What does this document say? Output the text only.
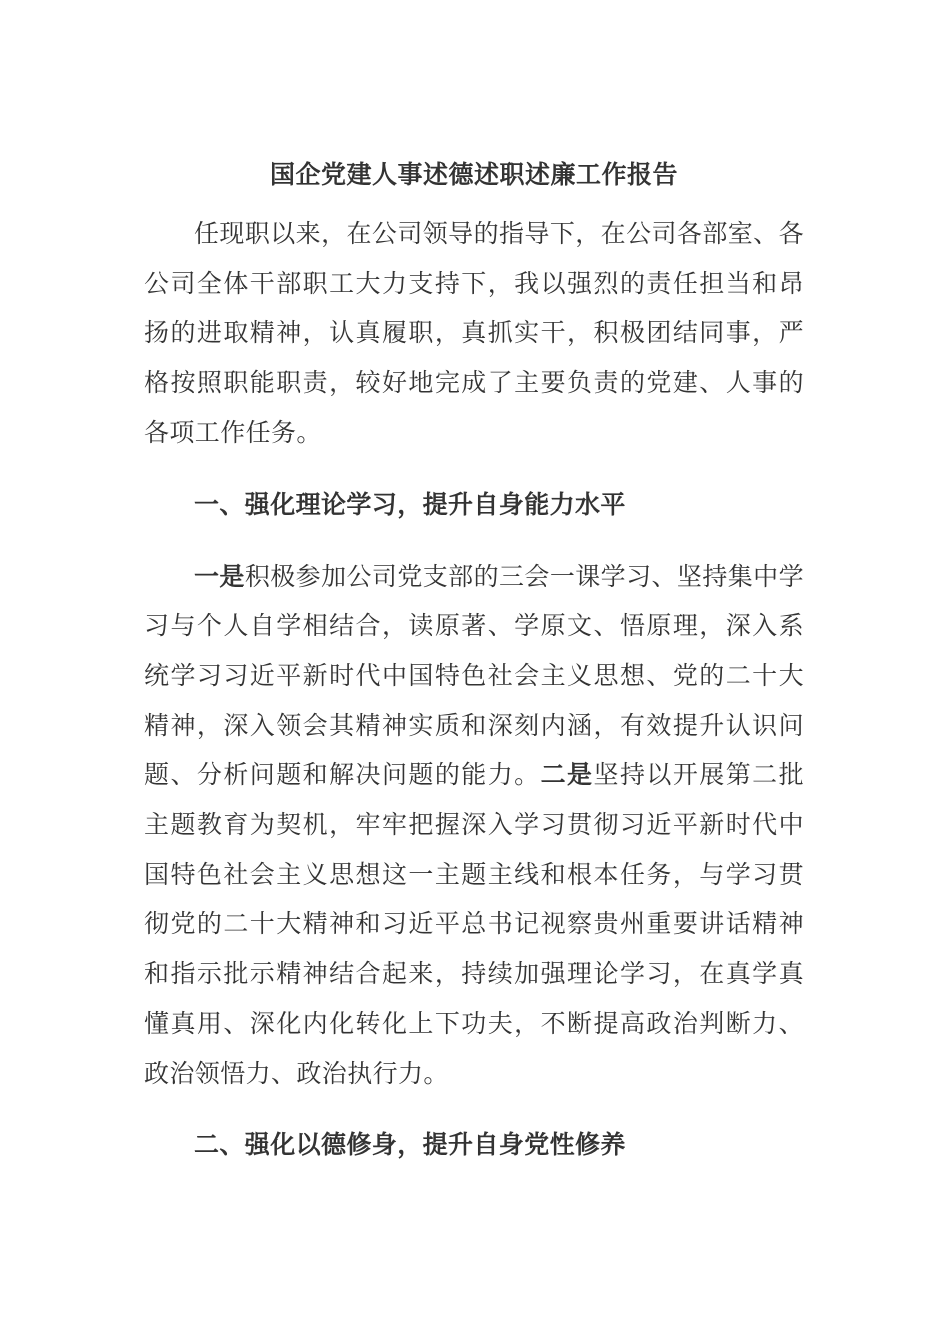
国企党建人事述德述职述廉工作报告

任现职以来，在公司领导的指导下，在公司各部室、各公司全体干部职工大力支持下，我以强烈的责任担当和昂扬的进取精神，认真履职，真抓实干，积极团结同事，严格按照职能职责，较好地完成了主要负责的党建、人事的各项工作任务。

一、强化理论学习，提升自身能力水平

一是积极参加公司党支部的三会一课学习、坚持集中学习与个人自学相结合，读原著、学原文、悟原理，深入系统学习习近平新时代中国特色社会主义思想、党的二十大精神，深入领会其精神实质和深刻内涵，有效提升认识问题、分析问题和解决问题的能力。二是坚持以开展第二批主题教育为契机，牢牢把握深入学习贯彻习近平新时代中国特色社会主义思想这一主题主线和根本任务，与学习贯彻党的二十大精神和习近平总书记视察贵州重要讲话精神和指示批示精神结合起来，持续加强理论学习，在真学真懂真用、深化内化转化上下功夫，不断提高政治判断力、政治领悟力、政治执行力。

二、强化以德修身，提升自身党性修养
